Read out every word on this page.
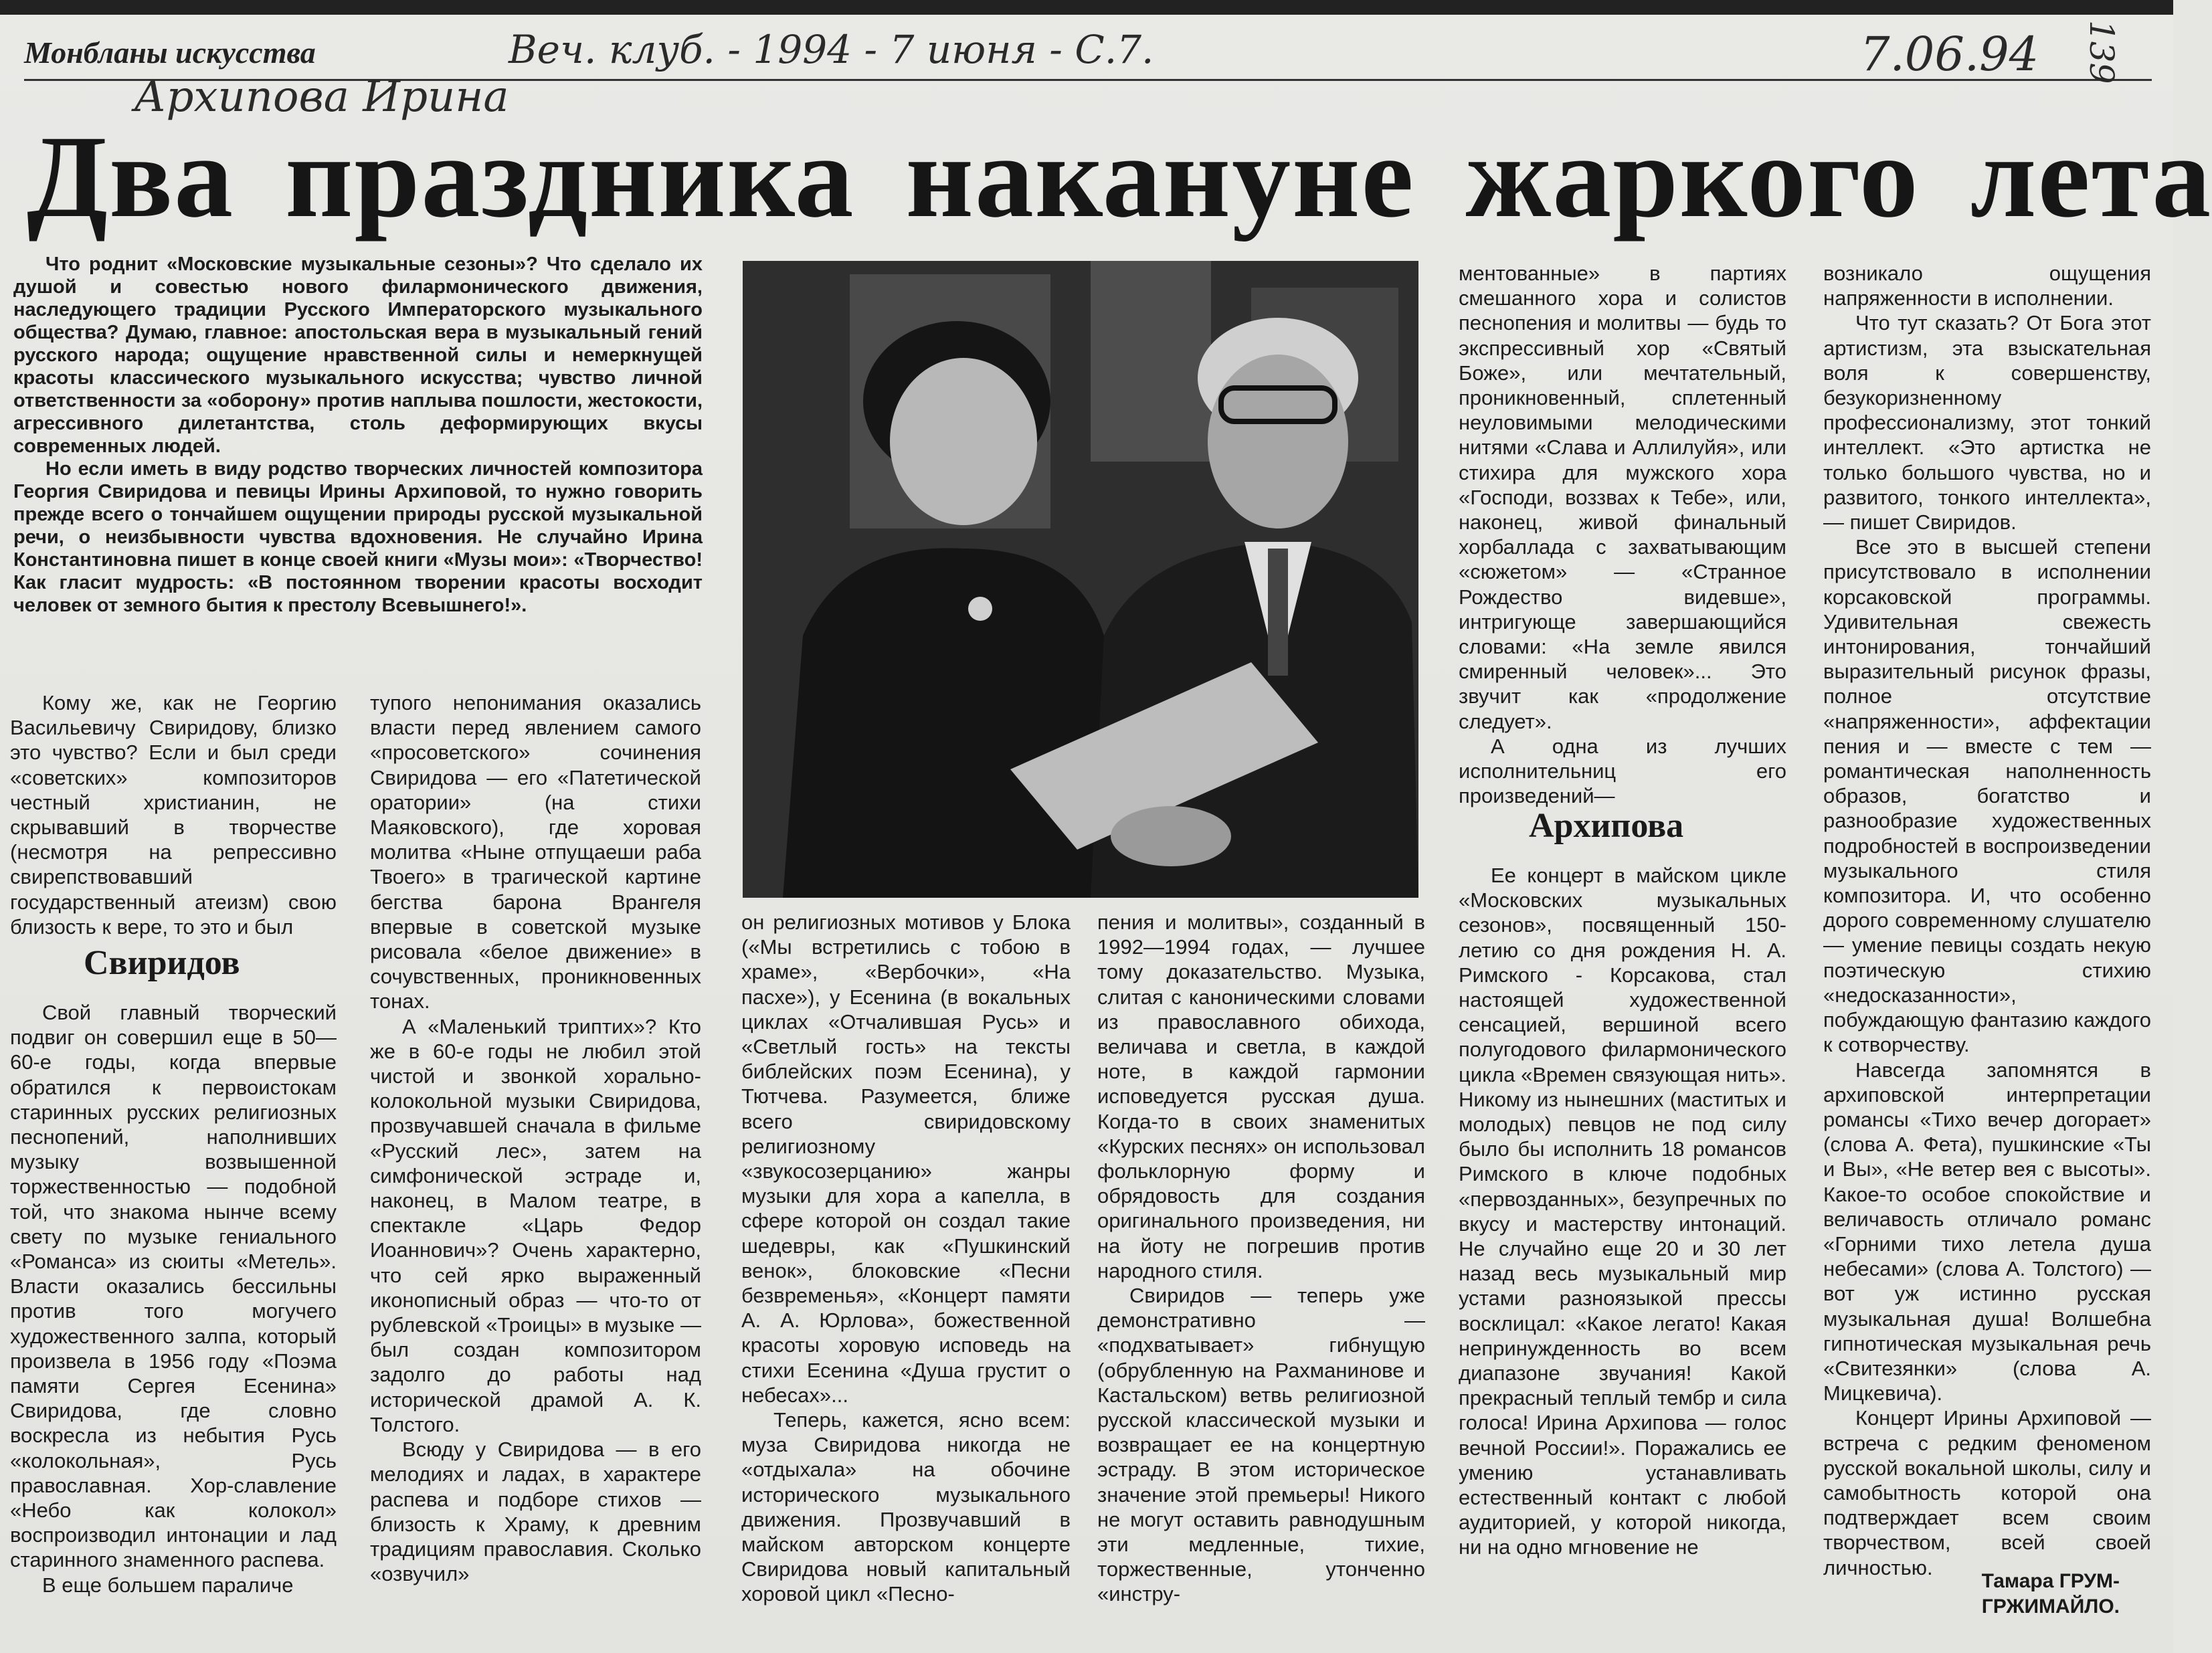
Монбланы искусства	Веч. клуб. - 1994 - 7 июня - С.7.
Архипова Ирина
7.06.94 139
Два праздника накануне жаркого лета

Что роднит «Московские музыкальные сезоны»? Что сделало их душой и совестью нового филармонического движения, наследующего традиции Русского Императорского музыкального общества? Думаю, главное: апостольская вера в музыкальный гений русского народа; ощущение нравственной силы и немеркнущей красоты классического музыкального искусства; чувство личной ответственности за «оборону» против наплыва пошлости, жестокости, агрессивного дилетантства, столь деформирующих вкусы современных людей.

Но если иметь в виду родство творческих личностей композитора Георгия Свиридова и певицы Ирины Архиповой, то нужно говорить прежде всего о тончайшем ощущении природы русской музыкальной речи, о неизбывности чувства вдохновения. Не случайно Ирина Константиновна пишет в конце своей книги «Музы мои»: «Творчество! Как гласит мудрость: «В постоянном творении красоты восходит человек от земного бытия к престолу Всевышнего!».

Кому же, как не Георгию Васильевичу Свиридову, близко это чувство? Если и был среди «советских» композиторов честный христианин, не скрывавший в творчестве (несмотря на репрессивно свирепствовавший государственный атеизм) свою близость к вере, то это и был

Свиридов

Свой главный творческий подвиг он совершил еще в 50—60-е годы, когда впервые обратился к первоистокам старинных русских религиозных песнопений, наполнивших музыку возвышенной торжественностью — подобной той, что знакома нынче всему свету по музыке гениального «Романса» из сюиты «Метель». Власти оказались бессильны против того могучего художественного залпа, который произвела в 1956 году «Поэма памяти Сергея Есенина» Свиридова, где словно воскресла из небытия Русь «колокольная», Русь православная. Хор-славление «Небо как колокол» воспроизводил интонации и лад старинного знаменного распева.

В еще большем параличе

тупого непонимания оказались власти перед явлением самого «просоветского» сочинения Свиридова — его «Патетической оратории» (на стихи Маяковского), где хоровая молитва «Ныне отпущаеши раба Твоего» в трагической картине бегства барона Врангеля впервые в советской музыке рисовала «белое движение» в сочувственных, проникновенных тонах.

А «Маленький триптих»? Кто же в 60-е годы не любил этой чистой и звонкой хорально-колокольной музыки Свиридова, прозвучавшей сначала в фильме «Русский лес», затем на симфонической эстраде и, наконец, в Малом театре, в спектакле «Царь Федор Иоаннович»? Очень характерно, что сей ярко выраженный иконописный образ — что-то от рублевской «Троицы» в музыке — был создан композитором задолго до работы над исторической драмой А. К. Толстого.

Всюду у Свиридова — в его мелодиях и ладах, в характере распева и подборе стихов — близость к Храму, к древним традициям православия. Сколько «озвучил»

он религиозных мотивов у Блока («Мы встретились с тобою в храме», «Вербочки», «На пасхе»), у Есенина (в вокальных циклах «Отчалившая Русь» и «Светлый гость» на тексты библейских поэм Есенина), у Тютчева. Разумеется, ближе всего свиридовскому религиозному «звукосозерцанию» жанры музыки для хора а капелла, в сфере которой он создал такие шедевры, как «Пушкинский венок», блоковские «Песни безвременья», «Концерт памяти А. А. Юрлова», божественной красоты хоровую исповедь на стихи Есенина «Душа грустит о небесах»...

Теперь, кажется, ясно всем: муза Свиридова никогда не «отдыхала» на обочине исторического музыкального движения. Прозвучавший в майском авторском концерте Свиридова новый капитальный хоровой цикл «Песно-

пения и молитвы», созданный в 1992—1994 годах, — лучшее тому доказательство. Музыка, слитая с каноническими словами из православного обихода, величава и светла, в каждой ноте, в каждой гармонии исповедуется русская душа. Когда-то в своих знаменитых «Курских песнях» он использовал фольклорную форму и обрядовость для создания оригинального произведения, ни на йоту не погрешив против народного стиля.

Свиридов — теперь уже демонстративно — «подхватывает» гибнущую (обрубленную на Рахманинове и Кастальском) ветвь религиозной русской классической музыки и возвращает ее на концертную эстраду. В этом историческое значение этой премьеры! Никого не могут оставить равнодушным эти медленные, тихие, торжественные, утонченно «инстру-

ментованные» в партиях смешанного хора и солистов песнопения и молитвы — будь то экспрессивный хор «Святый Боже», или мечтательный, проникновенный, сплетенный неуловимыми мелодическими нитями «Слава и Аллилуйя», или стихира для мужского хора «Господи, воззвах к Тебе», или, наконец, живой финальный хорбаллада с захватывающим «сюжетом» — «Странное Рождество видевше», интригующе завершающийся словами: «На земле явился смиренный человек»... Это звучит как «продолжение следует».

А одна из лучших исполнительниц его произведений—

Архипова

Ее концерт в майском цикле «Московских музыкальных сезонов», посвященный 150-летию со дня рождения Н. А. Римского - Корсакова, стал настоящей художественной сенсацией, вершиной всего полугодового филармонического цикла «Времен связующая нить». Никому из нынешних (маститых и молодых) певцов не под силу было бы исполнить 18 романсов Римского в ключе подобных «первозданных», безупречных по вкусу и мастерству интонаций. Не случайно еще 20 и 30 лет назад весь музыкальный мир устами разноязыкой прессы восклицал: «Какое легато! Какая непринужденность во всем диапазоне звучания! Какой прекрасный теплый тембр и сила голоса! Ирина Архипова — голос вечной России!». Поражались ее умению устанавливать естественный контакт с любой аудиторией, у которой никогда, ни на одно мгновение не

возникало ощущения напряженности в исполнении.

Что тут сказать? От Бога этот артистизм, эта взыскательная воля к совершенству, безукоризненному профессионализму, этот тонкий интеллект. «Это артистка не только большого чувства, но и развитого, тонкого интеллекта», — пишет Свиридов.

Все это в высшей степени присутствовало в исполнении корсаковской программы. Удивительная свежесть интонирования, тончайший выразительный рисунок фразы, полное отсутствие «напряженности», аффектации пения и — вместе с тем — романтическая наполненность образов, богатство и разнообразие художественных подробностей в воспроизведении музыкального стиля композитора. И, что особенно дорого современному слушателю — умение певицы создать некую поэтическую стихию «недосказанности», побуждающую фантазию каждого к сотворчеству.

Навсегда запомнятся в архиповской интерпретации романсы «Тихо вечер догорает» (слова А. Фета), пушкинские «Ты и Вы», «Не ветер вея с высоты». Какое-то особое спокойствие и величавость отличало романс «Горними тихо летела душа небесами» (слова А. Толстого) — вот уж истинно русская музыкальная душа! Волшебна гипнотическая музыкальная речь «Свитезянки» (слова А. Мицкевича).

Концерт Ирины Архиповой — встреча с редким феноменом русской вокальной школы, силу и самобытность которой она подтверждает всем своим творчеством, всей своей личностью.

Тамара ГРУМ-
ГРЖИМАЙЛО.
